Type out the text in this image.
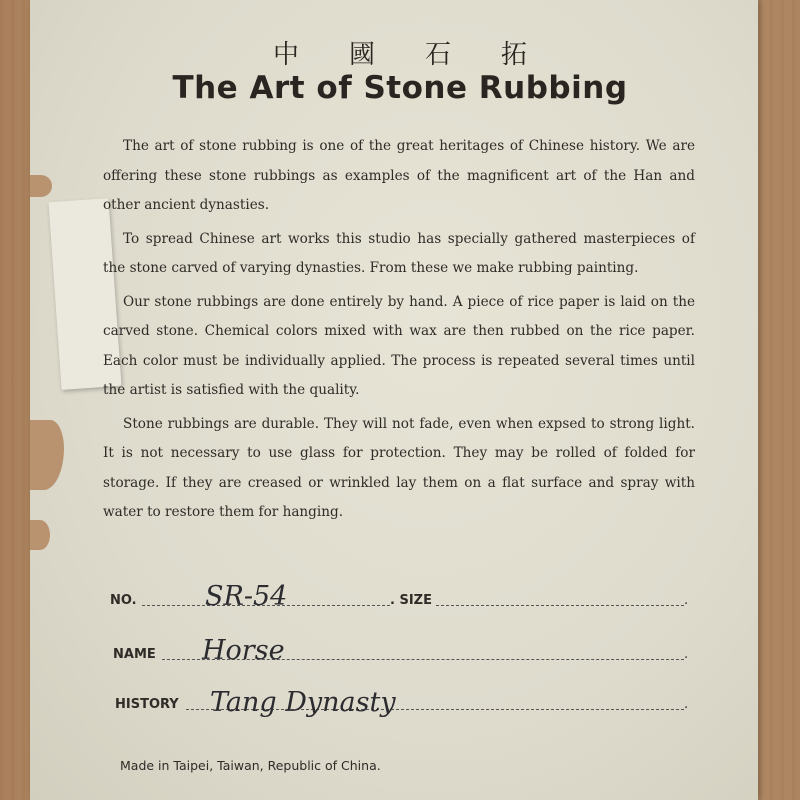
中國石拓
The Art of Stone Rubbing

The art of stone rubbing is one of the great heritages of Chinese history. We are offering these stone rubbings as examples of the magnificent art of the Han and other ancient dynasties.

To spread Chinese art works this studio has specially gathered masterpieces of the stone carved of varying dynasties. From these we make rubbing painting.

Our stone rubbings are done entirely by hand. A piece of rice paper is laid on the carved stone. Chemical colors mixed with wax are then rubbed on the rice paper. Each color must be individually applied. The process is repeated several times until the artist is satisfied with the quality.

Stone rubbings are durable. They will not fade, even when expsed to strong light. It is not necessary to use glass for protection. They may be rolled of folded for storage. If they are creased or wrinkled lay them on a flat surface and spray with water to restore them for hanging.

NO.	SR-54	. SIZE	.
NAME Horse	.
HISTORY Tang Dynasty	.
Made in Taipei, Taiwan, Republic of China.
